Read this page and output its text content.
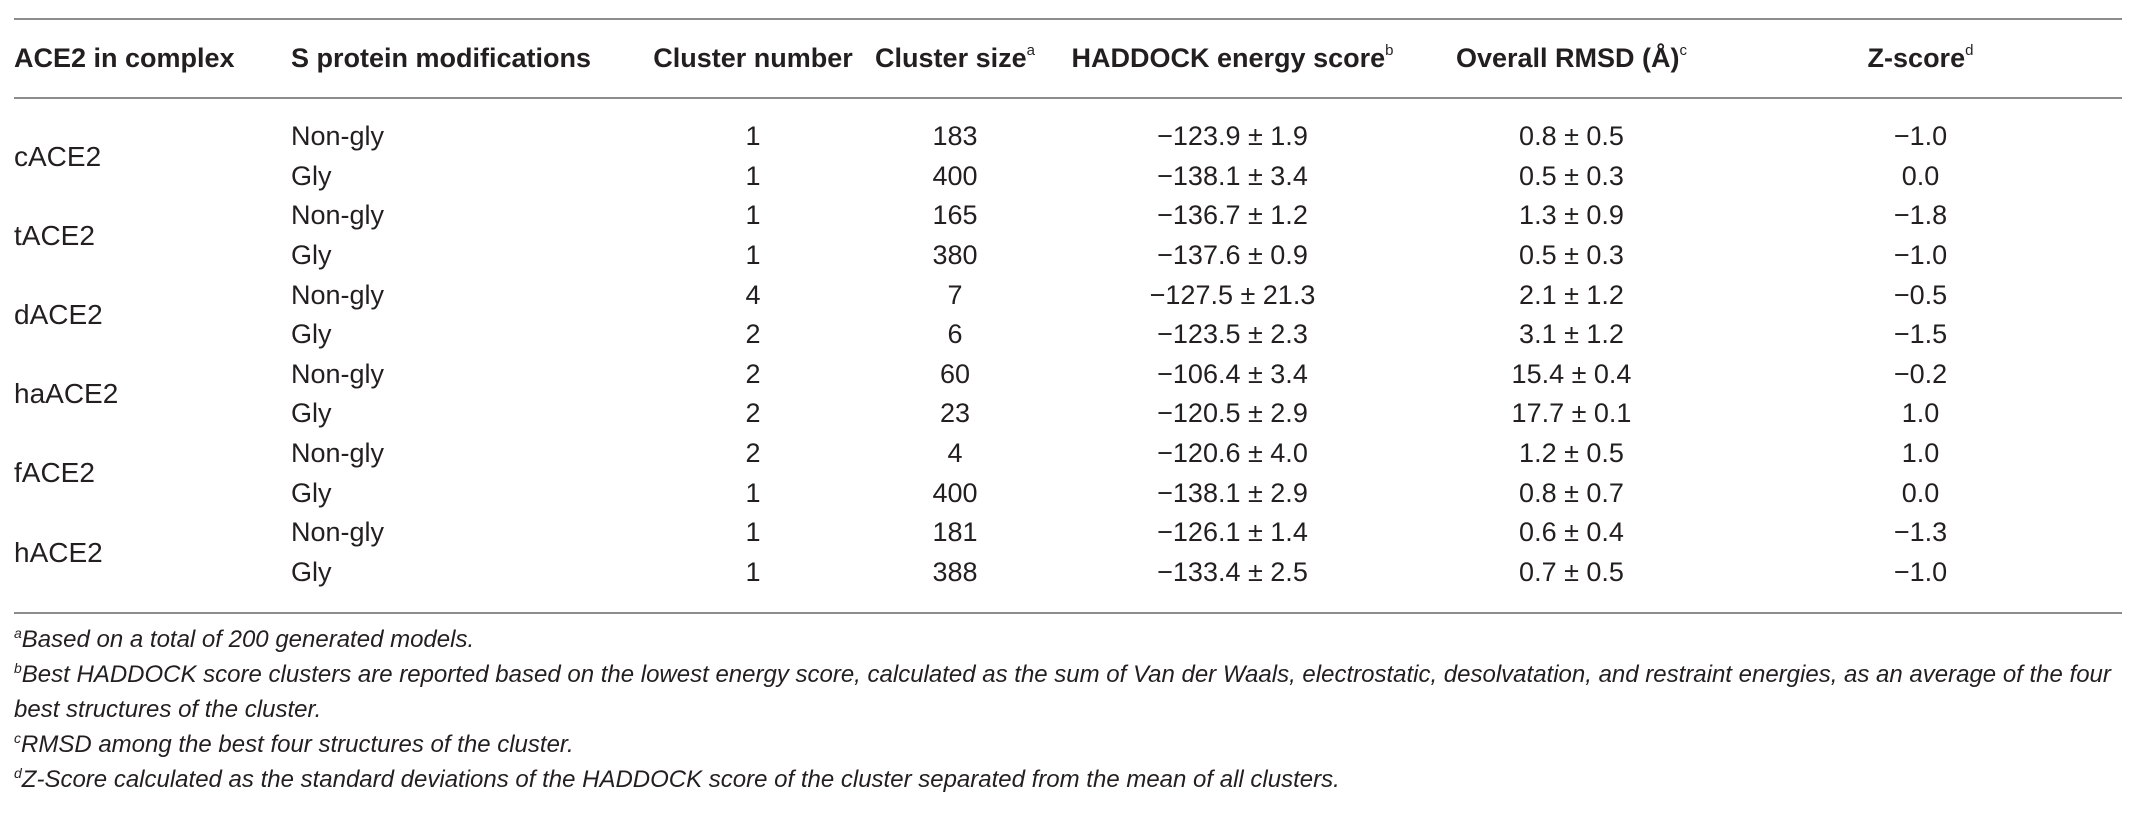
ACE2 in complex	S protein modifications	Cluster number	Cluster size$^a$	HADDOCK energy score$^b$	Overall RMSD (Å)$^c$	Z-score$^d$

cACE2	Non-gly	1	183	−123.9 ± 1.9	0.8 ± 0.5	−1.0
	Gly	1	400	−138.1 ± 3.4	0.5 ± 0.3	0.0
tACE2	Non-gly	1	165	−136.7 ± 1.2	1.3 ± 0.9	−1.8
	Gly	1	380	−137.6 ± 0.9	0.5 ± 0.3	−1.0
dACE2	Non-gly	4	7	−127.5 ± 21.3	2.1 ± 1.2	−0.5
	Gly	2	6	−123.5 ± 2.3	3.1 ± 1.2	−1.5
haACE2	Non-gly	2	60	−106.4 ± 3.4	15.4 ± 0.4	−0.2
	Gly	2	23	−120.5 ± 2.9	17.7 ± 0.1	1.0
fACE2	Non-gly	2	4	−120.6 ± 4.0	1.2 ± 0.5	1.0
	Gly	1	400	−138.1 ± 2.9	0.8 ± 0.7	0.0
hACE2	Non-gly	1	181	−126.1 ± 1.4	0.6 ± 0.4	−1.3
	Gly	1	388	−133.4 ± 2.5	0.7 ± 0.5	−1.0
$^a$Based on a total of 200 generated models.
$^b$Best HADDOCK score clusters are reported based on the lowest energy score, calculated as the sum of Van der Waals, electrostatic, desolvatation, and restraint energies, as an average of the four best structures of the cluster.
$^c$RMSD among the best four structures of the cluster.
$^d$Z-Score calculated as the standard deviations of the HADDOCK score of the cluster separated from the mean of all clusters.
